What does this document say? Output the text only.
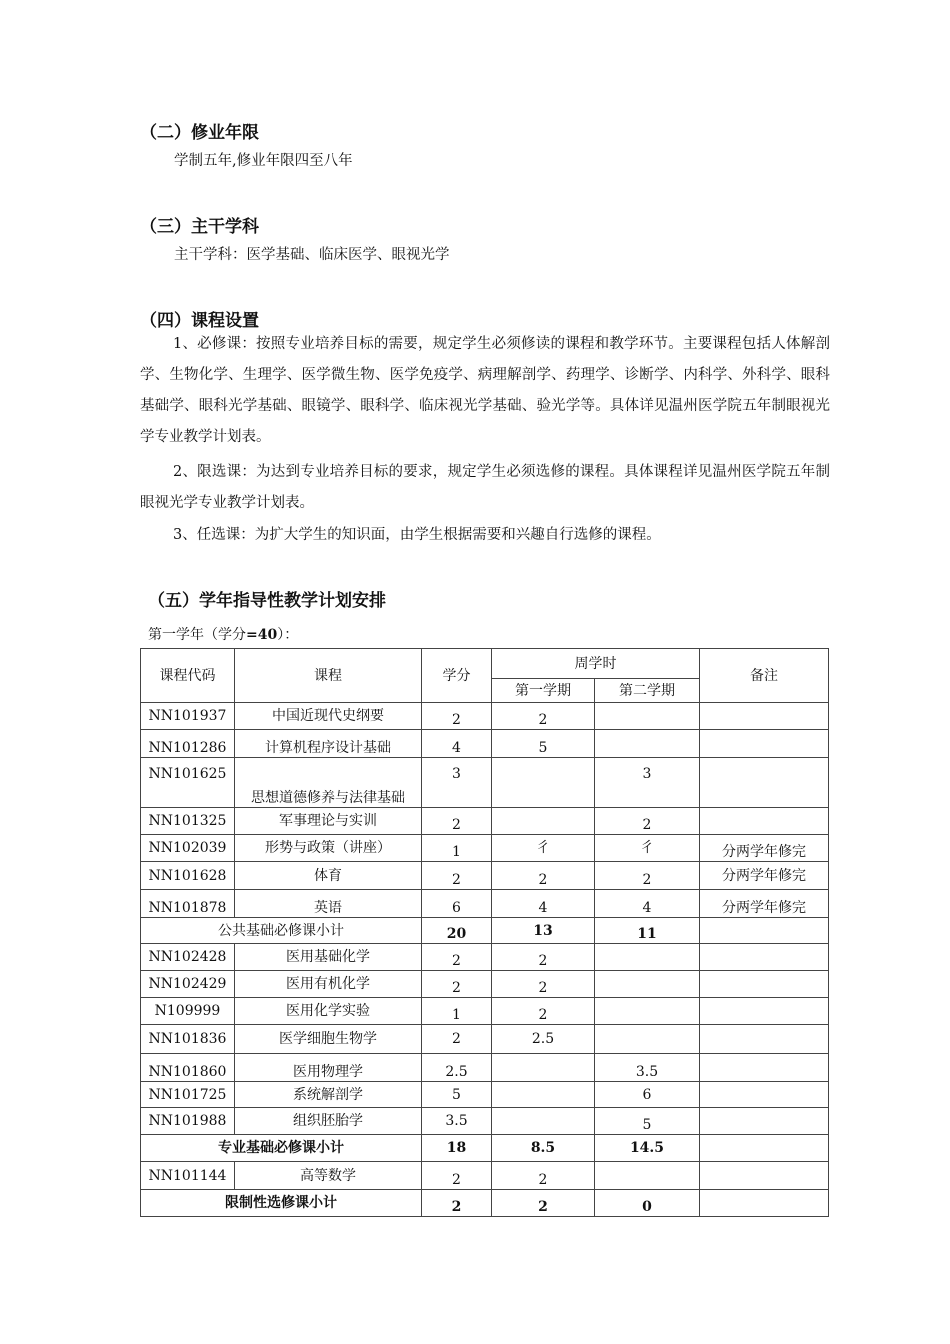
（二）修业年限
学制五年,修业年限四至八年
（三）主干学科
主干学科：医学基础、临床医学、眼视光学
（四）课程设置
1、必修课：按照专业培养目标的需要，规定学生必须修读的课程和教学环节。主要课程包括人体解剖学、生物化学、生理学、医学微生物、医学免疫学、病理解剖学、药理学、诊断学、内科学、外科学、眼科基础学、眼科光学基础、眼镜学、眼科学、临床视光学基础、验光学等。具体详见温州医学院五年制眼视光学专业教学计划表。
2、限选课：为达到专业培养目标的要求，规定学生必须选修的课程。具体课程详见温州医学院五年制眼视光学专业教学计划表。
3、任选课：为扩大学生的知识面，由学生根据需要和兴趣自行选修的课程。
（五）学年指导性教学计划安排
第一学年（学分=40）：
课程代码	课程	学分	周学时		备注
			第一学期	第二学期	
NN101937	中国近现代史纲要	2	2		
NN101286	计算机程序设计基础	4	5		
NN101625	思想道德修养与法律基础	3		3	
NN101325	军事理论与实训	2		2	
NN102039	形势与政策（讲座）	1	彳	彳	分两学年修完
NN101628	体育	2	2	2	分两学年修完
NN101878	英语	6	4	4	分两学年修完
公共基础必修课小计		20	13	11	
NN102428	医用基础化学	2	2		
NN102429	医用有机化学	2	2		
N109999	医用化学实验	1	2		
NN101836	医学细胞生物学	2	2.5		
NN101860	医用物理学	2.5		3.5	
NN101725	系统解剖学	5		6	
NN101988	组织胚胎学	3.5		5	
专业基础必修课小计		18	8.5	14.5	
NN101144	高等数学	2	2		
限制性选修课小计		2	2	0	
